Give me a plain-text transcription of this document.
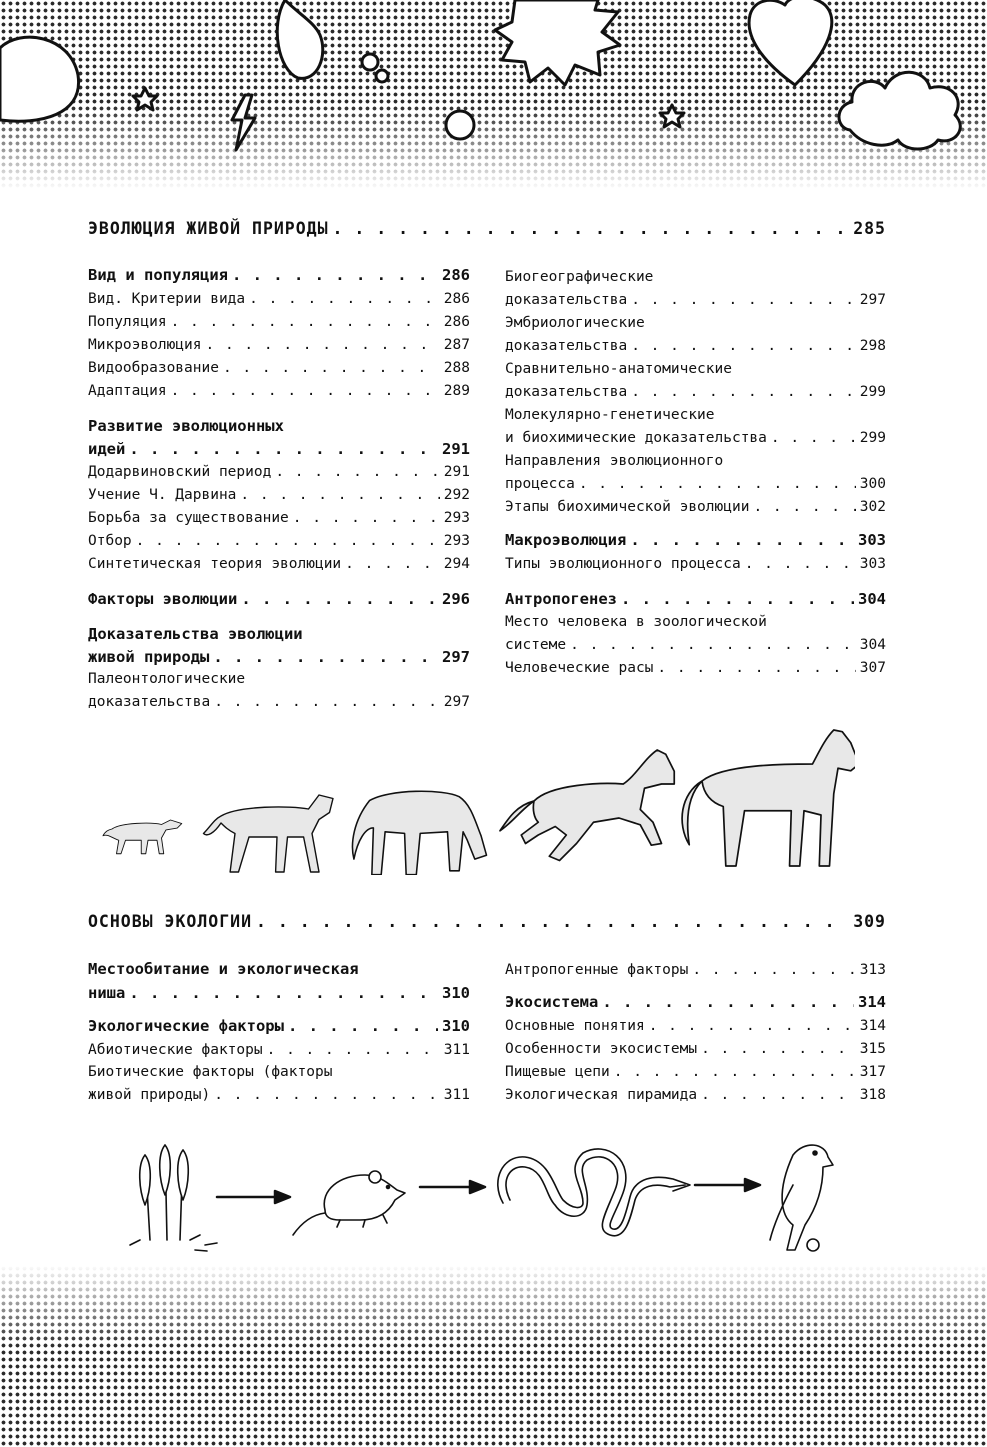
ЭВОЛЮЦИЯ ЖИВОЙ ПРИРОДЫ . . .	285
Вид и популяция . . .	286
Вид. Критерии вида . . .	286
Популяция . . .	286
Микроэволюция . . .	287
Видообразование . . .	288
Адаптация . . .	289
Развитие эволюционных
идей . . .	291
Додарвиновский период . . .	291
Учение Ч. Дарвина . . .	292
Борьба за существование . . .	293
Отбор . . .	293
Синтетическая теория эволюции . . .	294
Факторы эволюции . . .	296
Доказательства эволюции
живой природы . . .	297
Палеонтологические
доказательства . . .	297
Биогеографические
доказательства . . .	297
Эмбриологические
доказательства . . .	298
Сравнительно-анатомические
доказательства . . .	299
Молекулярно-генетические
и биохимические доказательства . . .	299
Направления эволюционного
процесса . . .	300
Этапы биохимической эволюции . . .	302
Макроэволюция . . .	303
Типы эволюционного процесса . . .	303
Антропогенез . . .	304
Место человека в зоологической
системе . . .	304
Человеческие расы . . .	307
ОСНОВЫ ЭКОЛОГИИ . . .	309
Местообитание и экологическая
ниша . . .	310
Экологические факторы . . .	310
Абиотические факторы . . .	311
Биотические факторы (факторы
живой природы) . . .	311
Антропогенные факторы . . .	313
Экосистема . . .	314
Основные понятия . . .	314
Особенности экосистемы . . .	315
Пищевые цепи . . .	317
Экологическая пирамида . . .	318
